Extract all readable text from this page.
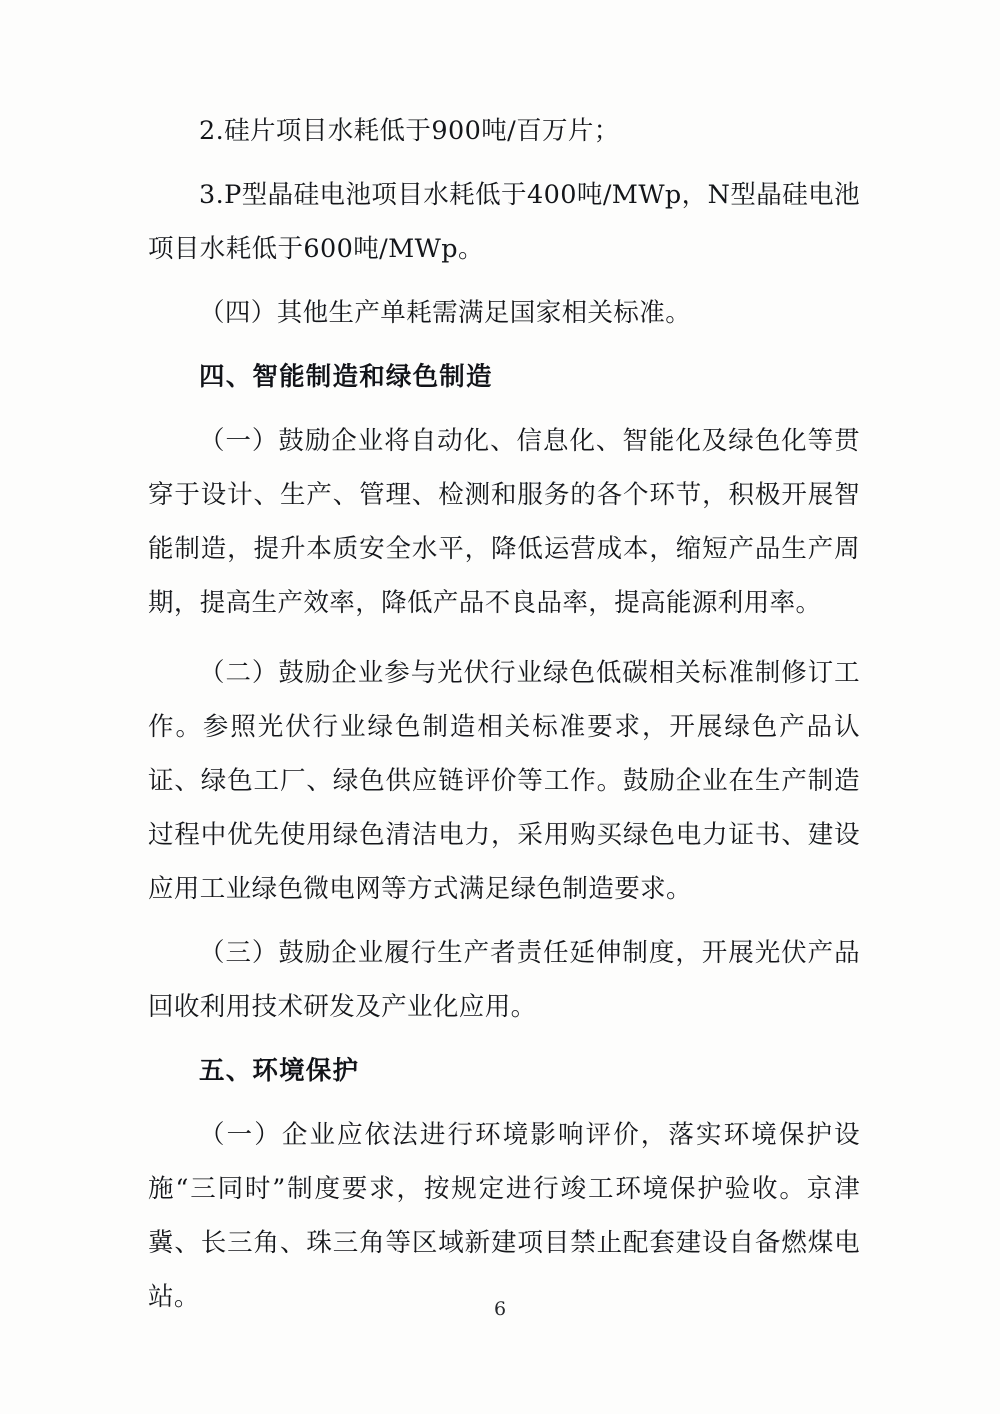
2.硅片项目水耗低于900吨/百万片；

3.P型晶硅电池项目水耗低于400吨/MWp，N型晶硅电池项目水耗低于600吨/MWp。

（四）其他生产单耗需满足国家相关标准。

四、智能制造和绿色制造

（一）鼓励企业将自动化、信息化、智能化及绿色化等贯穿于设计、生产、管理、检测和服务的各个环节，积极开展智能制造，提升本质安全水平，降低运营成本，缩短产品生产周期，提高生产效率，降低产品不良品率，提高能源利用率。

（二）鼓励企业参与光伏行业绿色低碳相关标准制修订工作。参照光伏行业绿色制造相关标准要求，开展绿色产品认证、绿色工厂、绿色供应链评价等工作。鼓励企业在生产制造过程中优先使用绿色清洁电力，采用购买绿色电力证书、建设应用工业绿色微电网等方式满足绿色制造要求。

（三）鼓励企业履行生产者责任延伸制度，开展光伏产品回收利用技术研发及产业化应用。

五、环境保护

（一）企业应依法进行环境影响评价，落实环境保护设施“三同时”制度要求，按规定进行竣工环境保护验收。京津冀、长三角、珠三角等区域新建项目禁止配套建设自备燃煤电站。	6
